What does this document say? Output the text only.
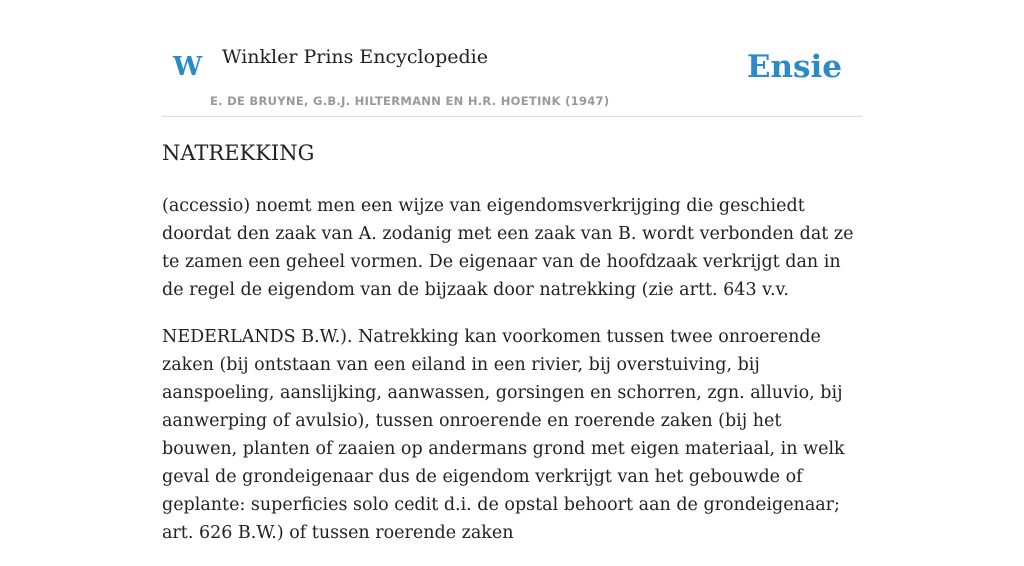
W Winkler Prins Encyclopedie
E. DE BRUYNE, G.B.J. HILTERMANN EN H.R. HOETINK (1947)
Ensie
NATREKKING

(accessio) noemt men een wijze van eigendomsverkrijging die geschiedt doordat den zaak van A. zodanig met een zaak van B. wordt verbonden dat ze te zamen een geheel vormen. De eigenaar van de hoofdzaak verkrijgt dan in de regel de eigendom van de bijzaak door natrekking (zie artt. 643 v.v.

NEDERLANDS B.W.). Natrekking kan voorkomen tussen twee onroerende zaken (bij ontstaan van een eiland in een rivier, bij overstuiving, bij aanspoeling, aanslijking, aanwassen, gorsingen en schorren, zgn. alluvio, bij aanwerping of avulsio), tussen onroerende en roerende zaken (bij het bouwen, planten of zaaien op andermans grond met eigen materiaal, in welk geval de grondeigenaar dus de eigendom verkrijgt van het gebouwde of geplante: superficies solo cedit d.i. de opstal behoort aan de grondeigenaar; art. 626 B.W.) of tussen roerende zaken
